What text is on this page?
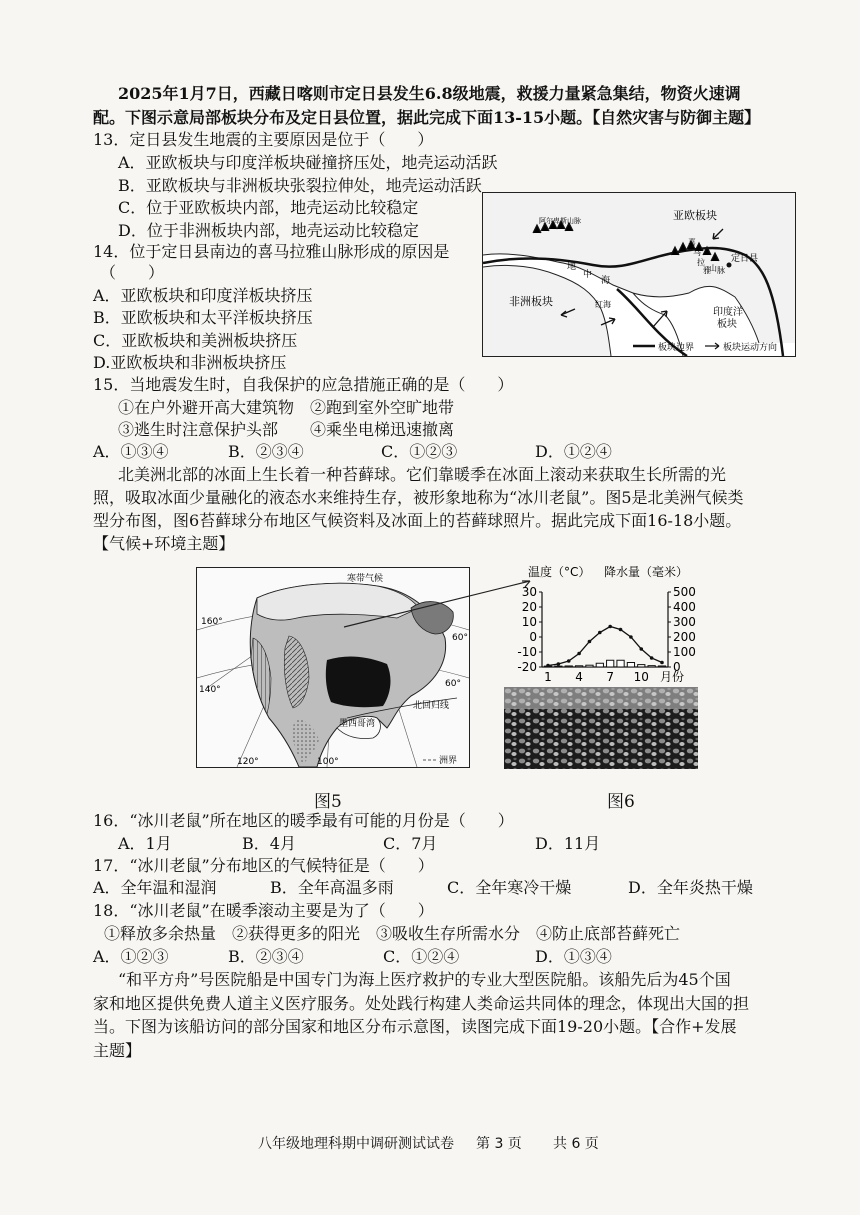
2025年1月7日，西藏日喀则市定日县发生6.8级地震，救援力量紧急集结，物资火速调
配。下图示意局部板块分布及定日县位置，据此完成下面13-15小题。【自然灾害与防御主题】
13．定日县发生地震的主要原因是位于（　　）
A．亚欧板块与印度洋板块碰撞挤压处，地壳运动活跃
B．亚欧板块与非洲板块张裂拉伸处，地壳运动活跃
C．位于亚欧板块内部，地壳运动比较稳定
D．位于非洲板块内部，地壳运动比较稳定
14．位于定日县南边的喜马拉雅山脉形成的原因是
（　　）
A．亚欧板块和印度洋板块挤压
B．亚欧板块和太平洋板块挤压
C．亚欧板块和美洲板块挤压
D.亚欧板块和非洲板块挤压
亚欧板块
非洲板块
印度洋
板块
阿尔卑斯山脉
喜
马
拉
雅
山 脉
定日县
红海
地
中
海
板块边界	板块运动方向
15．当地震发生时，自我保护的应急措施正确的是（　　）
①在户外避开高大建筑物　②跑到室外空旷地带
③逃生时注意保护头部　　④乘坐电梯迅速撤离
A．①③④	B．②③④	C．①②③	D．①②④
北美洲北部的冰面上生长着一种苔藓球。它们靠暖季在冰面上滚动来获取生长所需的光
照，吸取冰面少量融化的液态水来维持生存，被形象地称为“冰川老鼠”。图5是北美洲气候类
型分布图，图6苔藓球分布地区气候资料及冰面上的苔藓球照片。据此完成下面16-18小题。
【气候+环境主题】
洲界
寒带气候
墨西哥湾
北回归线
160°
140°
120°	100°
60°
60°
温度（°C） 降水量（毫米）
月份
30
20
10
0
-10
-20
500
400
300
200
100
0
1 4 7 10
图5	图6
16．“冰川老鼠”所在地区的暖季最有可能的月份是（　　）
A．1月	B．4月	C．7月	D．11月
17．“冰川老鼠”分布地区的气候特征是（　　）
A．全年温和湿润	B．全年高温多雨	C．全年寒冷干燥	D．全年炎热干燥
18．“冰川老鼠”在暖季滚动主要是为了（　　）
①释放多余热量　②获得更多的阳光　③吸收生存所需水分　④防止底部苔藓死亡
A．①②③	B．②③④	C．①②④	D．①③④
“和平方舟”号医院船是中国专门为海上医疗救护的专业大型医院船。该船先后为45个国
家和地区提供免费人道主义医疗服务。处处践行构建人类命运共同体的理念，体现出大国的担
当。下图为该船访问的部分国家和地区分布示意图，读图完成下面19-20小题。【合作+发展
主题】
八年级地理科期中调研测试试卷 第 3 页 共 6 页
